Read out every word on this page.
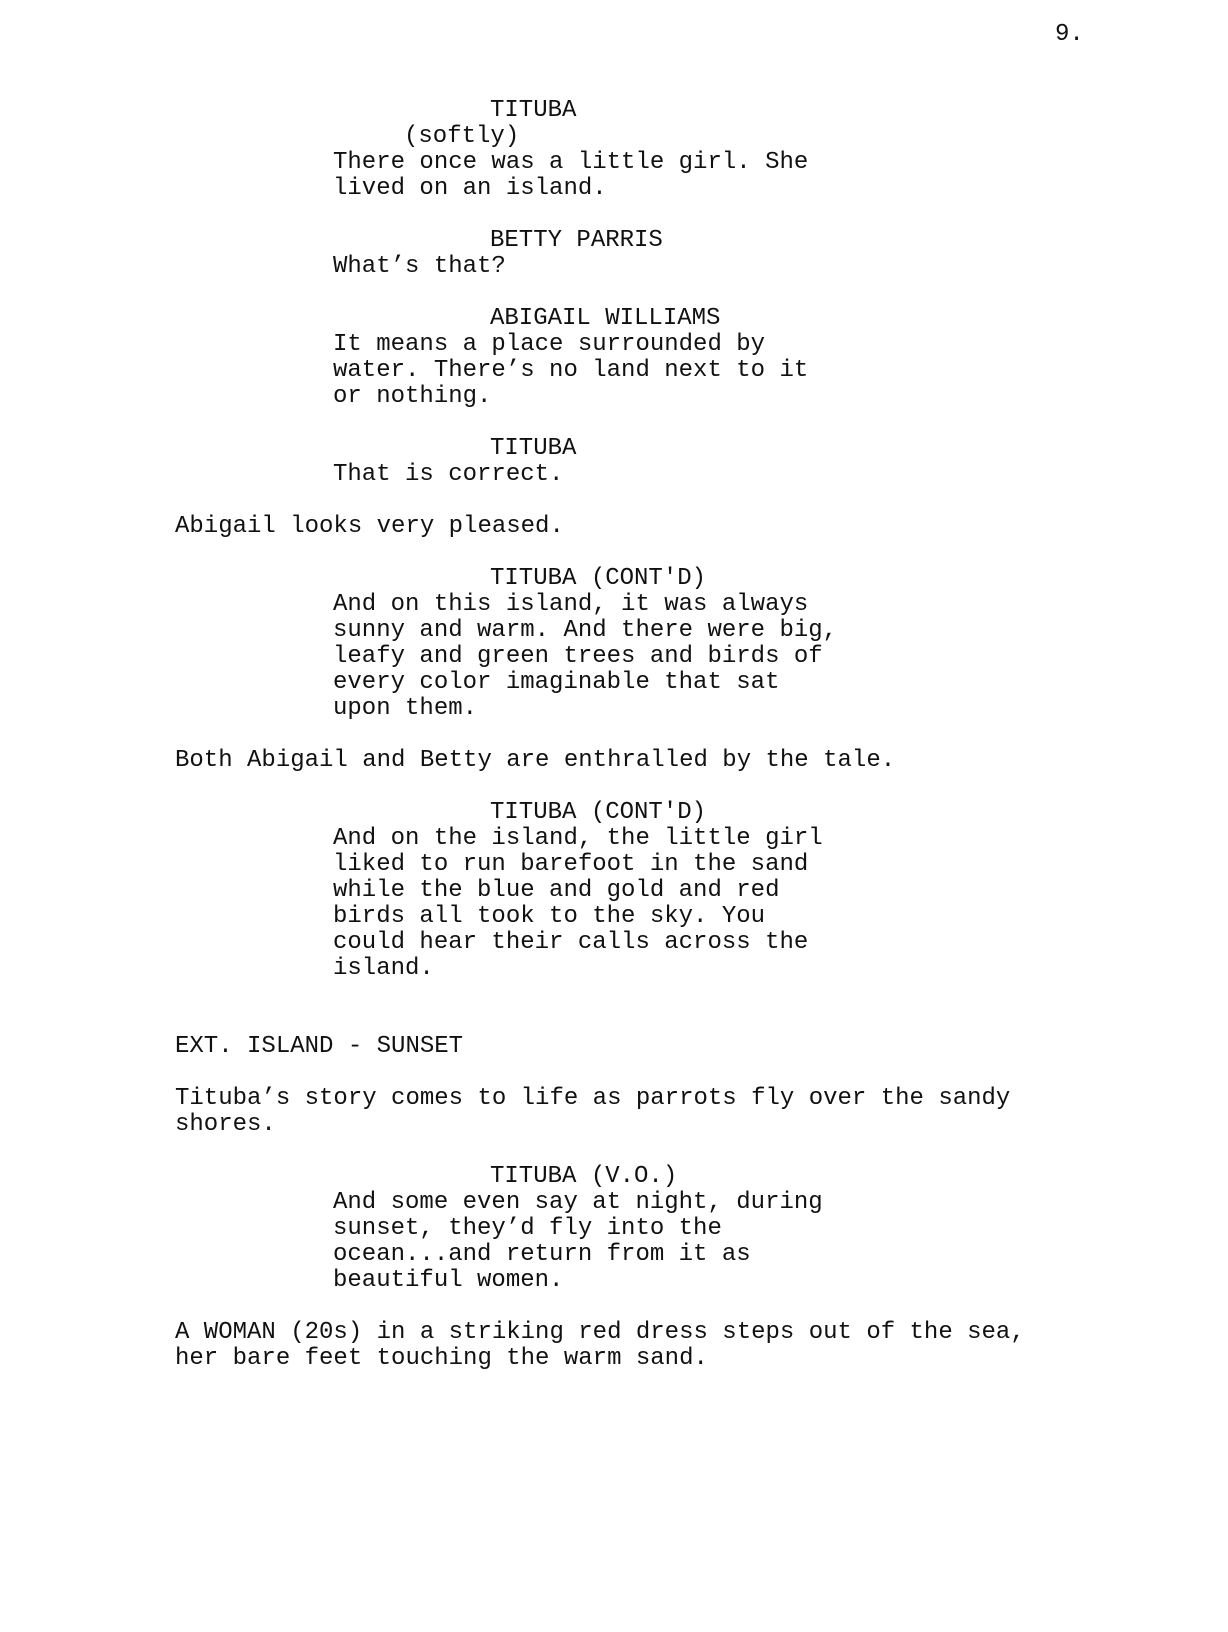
9.
TITUBA
(softly)
There once was a little girl. She
lived on an island.
BETTY PARRIS
What’s that?
ABIGAIL WILLIAMS
It means a place surrounded by
water. There’s no land next to it
or nothing.
TITUBA
That is correct.
Abigail looks very pleased.
TITUBA (CONT'D)
And on this island, it was always
sunny and warm. And there were big,
leafy and green trees and birds of
every color imaginable that sat
upon them.
Both Abigail and Betty are enthralled by the tale.
TITUBA (CONT'D)
And on the island, the little girl
liked to run barefoot in the sand
while the blue and gold and red
birds all took to the sky. You
could hear their calls across the
island.
EXT. ISLAND - SUNSET
Tituba’s story comes to life as parrots fly over the sandy
shores.
TITUBA (V.O.)
And some even say at night, during
sunset, they’d fly into the
ocean...and return from it as
beautiful women.
A WOMAN (20s) in a striking red dress steps out of the sea,
her bare feet touching the warm sand.
